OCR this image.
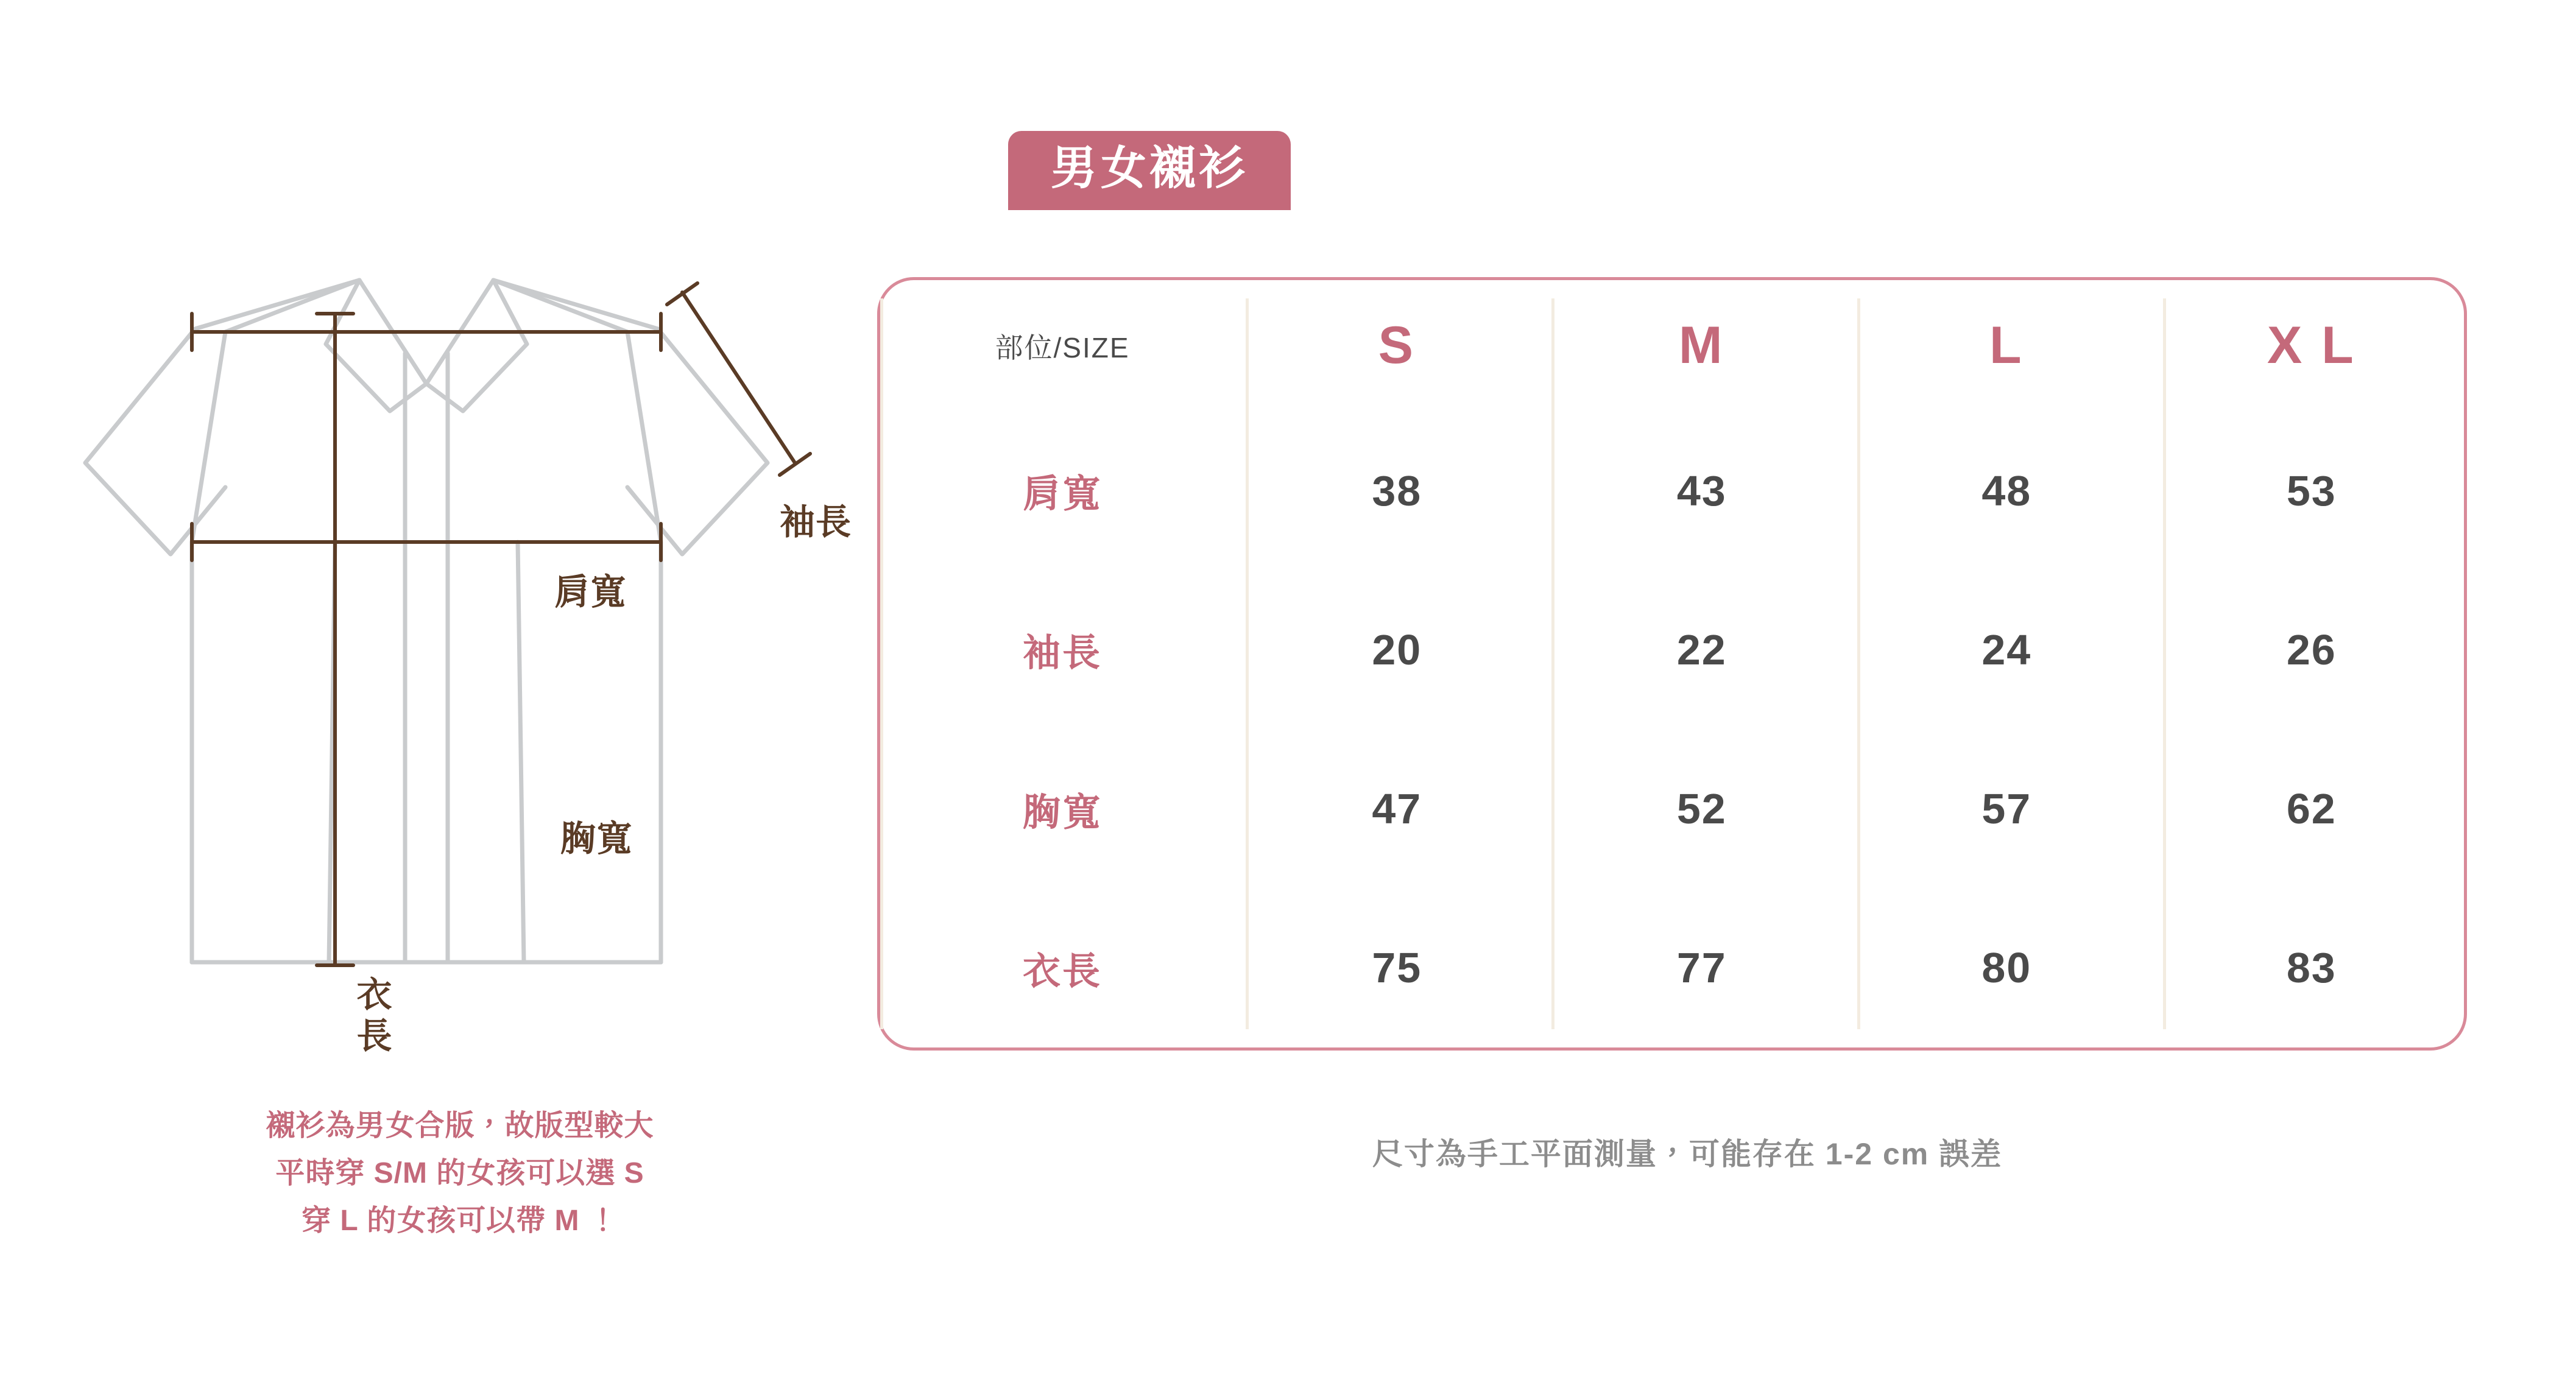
袖長
肩寬
胸寬
衣長
襯衫為男女合版，故版型較大
平時穿 S/M 的女孩可以選 S
穿 L 的女孩可以帶 M ！
男女襯衫
部位/SIZE	S	M	L	X L
肩寬	38	43	48	53
袖長	20	22	24	26
胸寬	47	52	57	62
衣長	75	77	80	83
尺寸為手工平面測量，可能存在 1-2 cm 誤差
